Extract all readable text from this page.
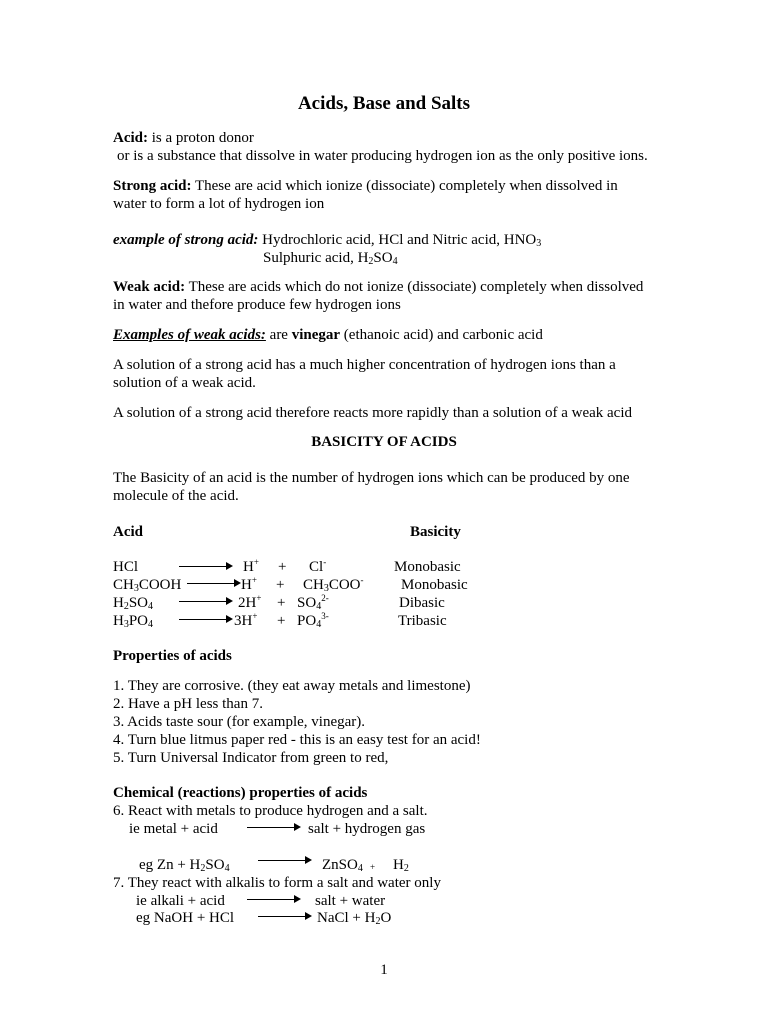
Acids, Base and Salts
Acid: is a proton donor
or is a substance that dissolve in water producing hydrogen ion as the only positive ions.
Strong acid: These are acid which ionize (dissociate) completely when dissolved in
water to form a lot of hydrogen ion
example of strong acid: Hydrochloric acid, HCl and Nitric acid, $HNO_3$
Sulphuric acid, $H_2SO_4$
Weak acid: These are acids which do not ionize (dissociate) completely when dissolved
in water and thefore produce few hydrogen ions
Examples of weak acids: are vinegar (ethanoic acid) and carbonic acid
A solution of a strong acid has a much higher concentration of hydrogen ions than a
solution of a weak acid.
A solution of a strong acid therefore reacts more rapidly than a solution of a weak acid
BASICITY OF ACIDS
The Basicity of an acid is the number of hydrogen ions which can be produced by one
molecule of the acid.
Acid	Basicity
HCl	H+ + Cl-	Monobasic
$CH_3COOH$	$H^+ + CH_3COO^-$ Monobasic
$H_2SO_4$	$2H^+ + SO_4^{2-}$	Dibasic
$H_3PO_4$	$3H^+ + PO_4^{3-}$	Tribasic
Properties of acids
1. They are corrosive. (they eat away metals and limestone)
2. Have a pH less than 7.
3. Acids taste sour (for example, vinegar).
4. Turn blue litmus paper red - this is an easy test for an acid!
5. Turn Universal Indicator from green to red,
Chemical (reactions) properties of acids
6. React with metals to produce hydrogen and a salt.
ie metal + acid	salt + hydrogen gas
eg $Zn + H_2SO_4$	ZnSO$_4$ + $H_2$
7. They react with alkalis to form a salt and water only
ie alkali + acid	salt + water
eg NaOH + HCl	NaCl + $H_2O$
1
